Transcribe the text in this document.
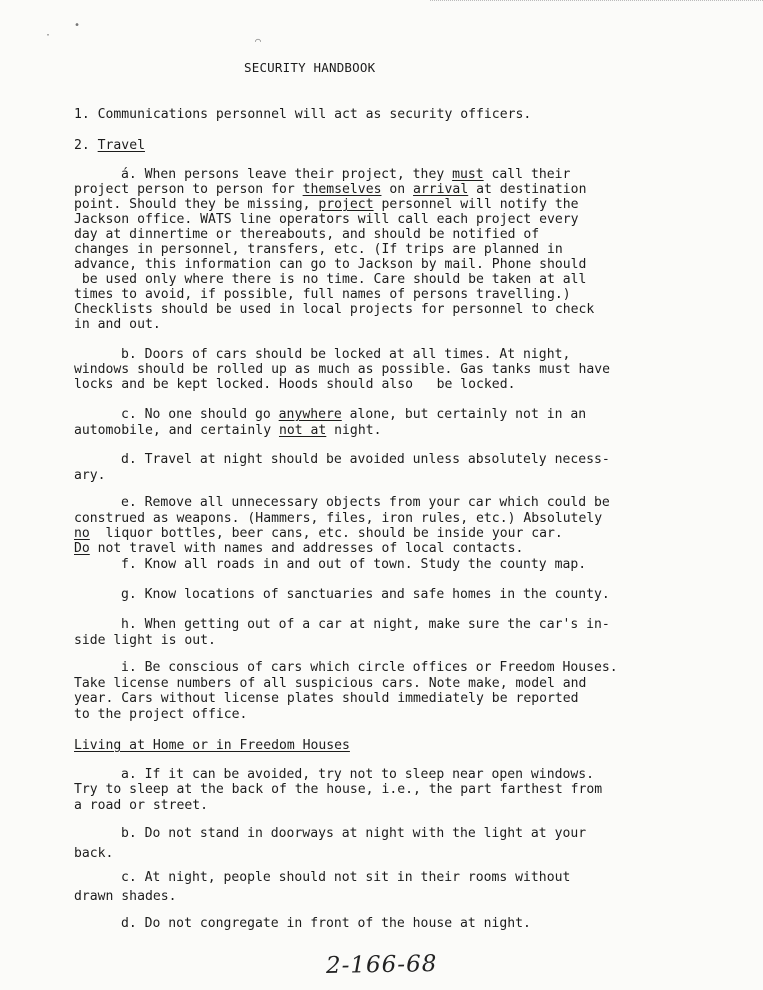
•
·
⌒
SECURITY HANDBOOK
1. Communications personnel will act as security officers.
2. Travel
á. When persons leave their project, they must call their
project person to person for themselves on arrival at destination
point. Should they be missing, project personnel will notify the
Jackson office. WATS line operators will call each project every
day at dinnertime or thereabouts, and should be notified of
changes in personnel, transfers, etc. (If trips are planned in
advance, this information can go to Jackson by mail. Phone should
be used only where there is no time. Care should be taken at all
times to avoid, if possible, full names of persons travelling.)
Checklists should be used in local projects for personnel to check
in and out.
b. Doors of cars should be locked at all times. At night,
windows should be rolled up as much as possible. Gas tanks must have
locks and be kept locked. Hoods should also   be locked.
c. No one should go anywhere alone, but certainly not in an
automobile, and certainly not at night.
d. Travel at night should be avoided unless absolutely necess-
ary.
e. Remove all unnecessary objects from your car which could be
construed as weapons. (Hammers, files, iron rules, etc.) Absolutely
no  liquor bottles, beer cans, etc. should be inside your car.
Do not travel with names and addresses of local contacts.
f. Know all roads in and out of town. Study the county map.
g. Know locations of sanctuaries and safe homes in the county.
h. When getting out of a car at night, make sure the car's in-
side light is out.
i. Be conscious of cars which circle offices or Freedom Houses.
Take license numbers of all suspicious cars. Note make, model and
year. Cars without license plates should immediately be reported
to the project office.
Living at Home or in Freedom Houses
a. If it can be avoided, try not to sleep near open windows.
Try to sleep at the back of the house, i.e., the part farthest from
a road or street.
b. Do not stand in doorways at night with the light at your
back.
c. At night, people should not sit in their rooms without
drawn shades.
d. Do not congregate in front of the house at night.
2-166-68
